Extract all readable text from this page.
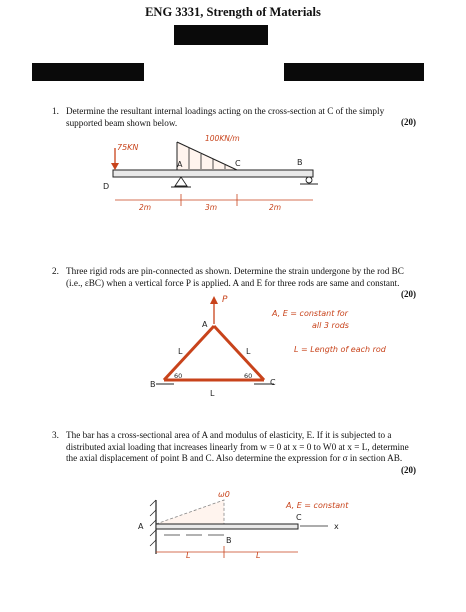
ENG 3331, Strength of Materials
1. Determine the resultant internal loadings acting on the cross-section at C of the simply supported beam shown below.	(20)
75KN
100KN/m
D
A	C	B
2m	3m	2m
2. Three rigid rods are pin-connected as shown. Determine the strain undergone by the rod BC (i.e., εBC) when a vertical force P is applied. A and E for three rods are same and constant.
(20)
P
A
B	C
L	L
L
60	60
A, E = constant for
all 3 rods
L = Length of each rod
3. The bar has a cross-sectional area of A and modulus of elasticity, E. If it is subjected to a distributed axial loading that increases linearly from w = 0 at x = 0 to W0 at x = L, determine the axial displacement of point B and C. Also determine the expression for σ in section AB.
(20)
ω0
A, E = constant
A
B
C
x
L	L
